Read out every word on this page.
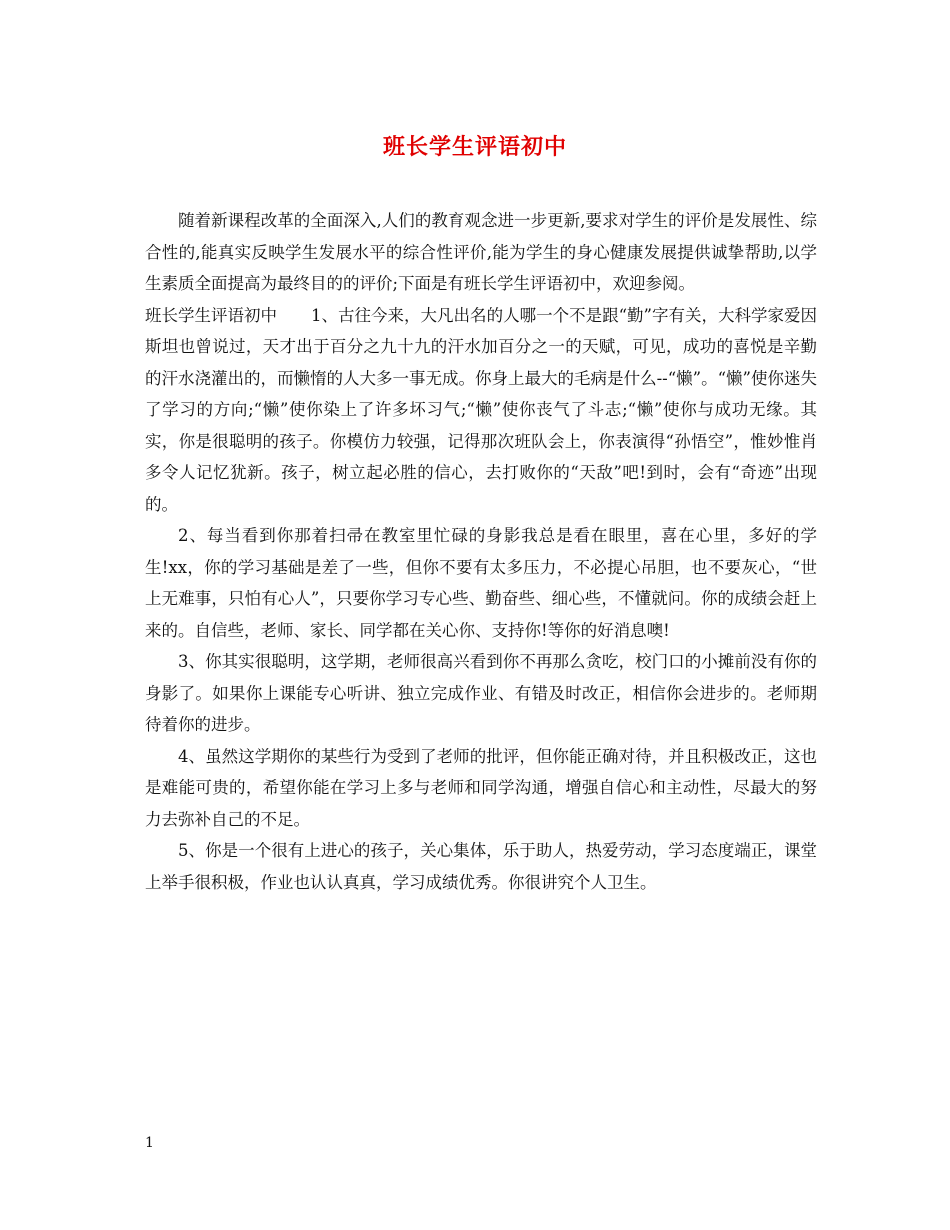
班长学生评语初中

随着新课程改革的全面深入,人们的教育观念进一步更新,要求对学生的评价是发展性、综合性的,能真实反映学生发展水平的综合性评价,能为学生的身心健康发展提供诚挚帮助,以学生素质全面提高为最终目的的评价;下面是有班长学生评语初中，欢迎参阅。

班长学生评语初中 1、古往今来，大凡出名的人哪一个不是跟“勤”字有关，大科学家爱因斯坦也曾说过，天才出于百分之九十九的汗水加百分之一的天赋，可见，成功的喜悦是辛勤的汗水浇灌出的，而懒惰的人大多一事无成。你身上最大的毛病是什么--“懒”。“懒”使你迷失了学习的方向;“懒”使你染上了许多坏习气;“懒”使你丧气了斗志;“懒”使你与成功无缘。其实，你是很聪明的孩子。你模仿力较强，记得那次班队会上，你表演得“孙悟空”，惟妙惟肖多令人记忆犹新。孩子，树立起必胜的信心，去打败你的“天敌”吧!到时，会有“奇迹”出现的。

2、每当看到你那着扫帚在教室里忙碌的身影我总是看在眼里，喜在心里，多好的学生!xx，你的学习基础是差了一些，但你不要有太多压力，不必提心吊胆，也不要灰心，“世上无难事，只怕有心人”，只要你学习专心些、勤奋些、细心些，不懂就问。你的成绩会赶上来的。自信些，老师、家长、同学都在关心你、支持你!等你的好消息噢!

3、你其实很聪明，这学期，老师很高兴看到你不再那么贪吃，校门口的小摊前没有你的身影了。如果你上课能专心听讲、独立完成作业、有错及时改正，相信你会进步的。老师期待着你的进步。

4、虽然这学期你的某些行为受到了老师的批评，但你能正确对待，并且积极改正，这也是难能可贵的，希望你能在学习上多与老师和同学沟通，增强自信心和主动性，尽最大的努力去弥补自己的不足。

5、你是一个很有上进心的孩子，关心集体，乐于助人，热爱劳动，学习态度端正，课堂上举手很积极，作业也认认真真，学习成绩优秀。你很讲究个人卫生。

1
